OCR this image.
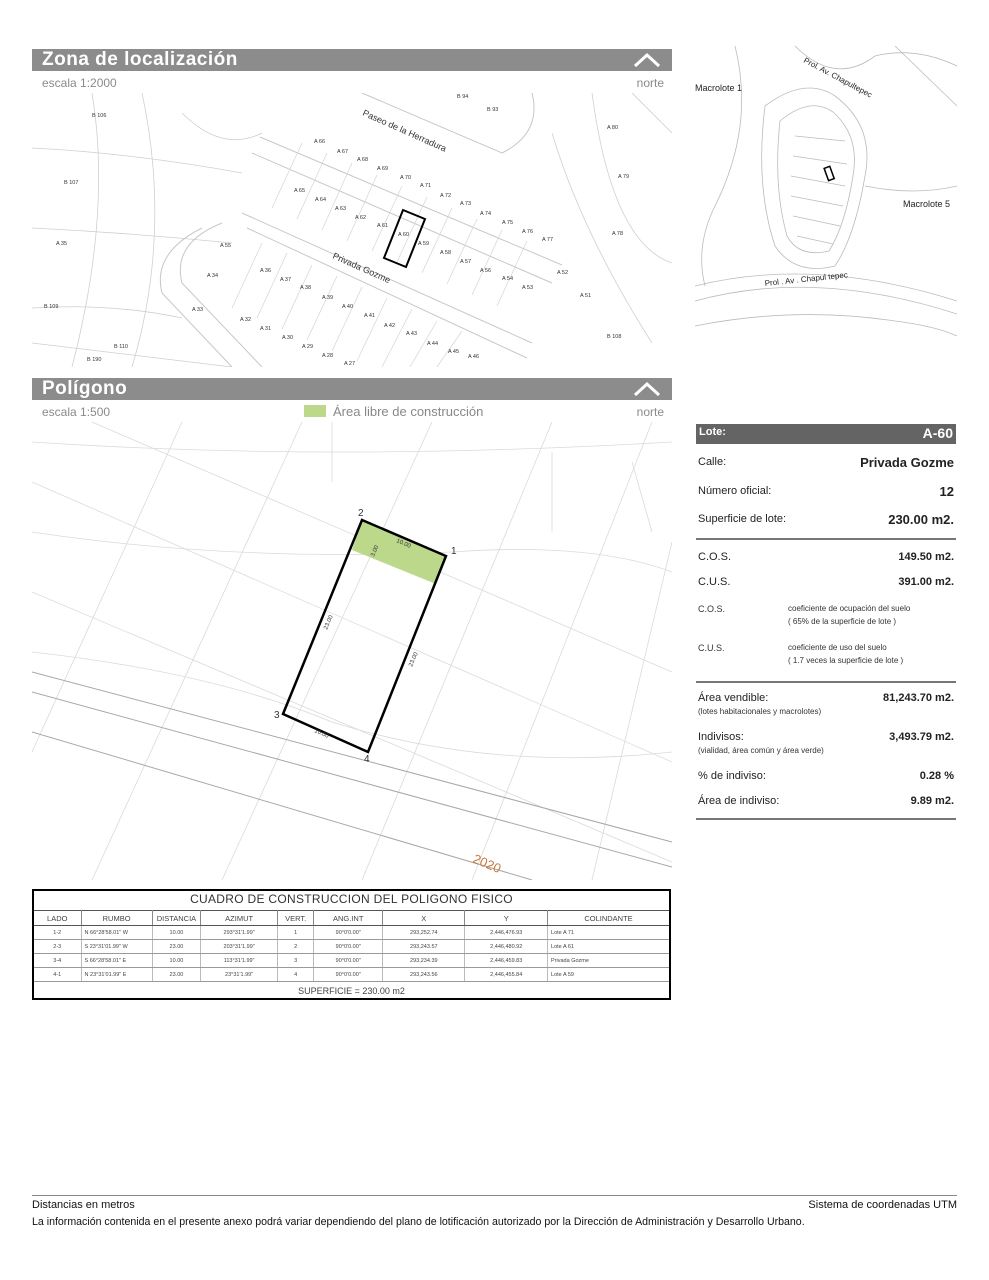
Zona de localización
escala 1:2000	norte
Paseo de la Herradura
Privada Gozme
B 94
B 93
B 106
A 80
A 66
A 67
A 68
A 69
A 70
A 71
A 72
A 73
A 74
A 75
A 76
A 77
A 78
A 79
B 107
A 65
A 64
A 63
A 62
A 61
A 60
A 59
A 58
A 57
A 56
A 55
A 54
A 53
A 52
A 51
B 108
A 35
A 34
A 36
A 37
A 38
A 39
A 40
A 41
A 42
A 43
A 44
A 45
A 46
B 109	A 33
A 32
A 31
A 30
A 29
A 28
A 27
B 110
B 190
Macrolote 1
Macrolote 5
Prol. Av. Chapultepec
Prol . Av . Chapul tepec
Polígono
escala 1:500	Área libre de construcción	norte
2
1
3
4
10.00
3.00
23.00
23.00
10.00
2020
Lote:	A-60
Calle:	Privada Gozme
Número oficial:	12
Superficie de lote:	230.00 m2.
C.O.S.	149.50 m2.
C.U.S.	391.00 m2.
C.O.S.	coeficiente de ocupación del suelo
( 65% de la superficie de lote )
C.U.S.	coeficiente de uso del suelo
( 1.7 veces la superficie de lote )
Área vendible:
(lotes habitacionales y macrolotes)
81,243.70 m2.
Indivisos:
(vialidad, área común y área verde)
3,493.79 m2.
% de indiviso:	0.28 %
Área de indiviso:	9.89 m2.
CUADRO DE CONSTRUCCION DEL POLIGONO FISICO
LADO	RUMBO	DISTANCIA	AZIMUT	VERT.	ANG.INT	X	Y	COLINDANTE
1-2	N 66°28'58.01" W	10.00	293°31'1.99"	1	90°0'0.00"	293,252.74	2,446,476.93	Lote A 71
2-3	S 23°31'01.99" W	23.00	203°31'1.99"	2	90°0'0.00"	293,243.57	2,446,480.92	Lote A 61
3-4	S 66°28'58.01" E	10.00	113°31'1.99"	3	90°0'0.00"	293,234.39	2,446,459.83	Privada Gozme
4-1	N 23°31'01.99" E	23.00	23°31'1.99"	4	90°0'0.00"	293,243.56	2,446,455.84	Lote A 59
SUPERFICIE = 230.00 m2
Distancias en metros	Sistema de coordenadas UTM
La información contenida en el presente anexo podrá variar dependiendo del plano de lotificación autorizado por la Dirección de Administración y Desarrollo Urbano.
